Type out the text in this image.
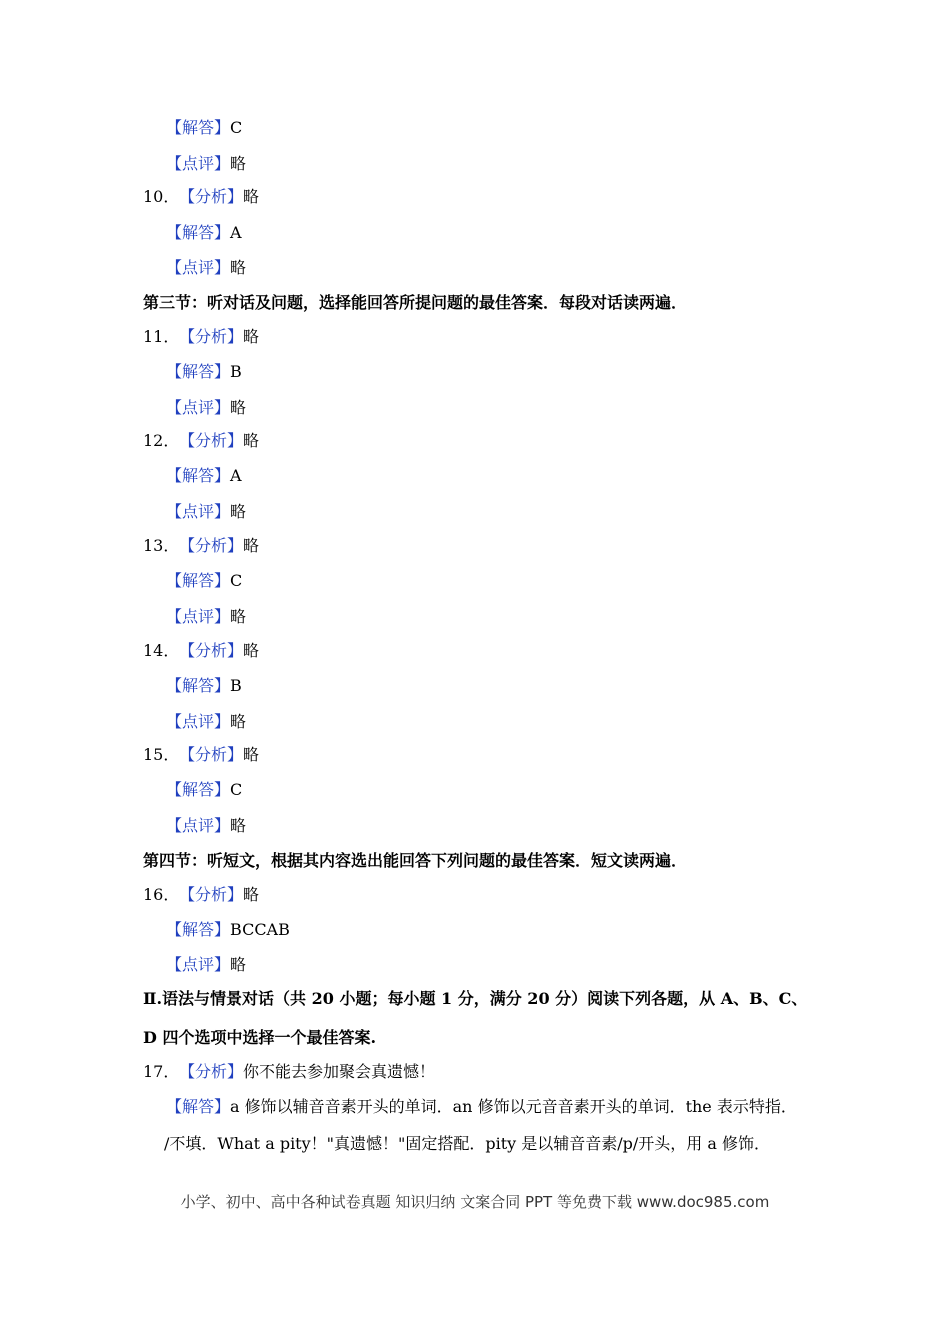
【解答】C
【点评】略
10．【分析】略
【解答】A
【点评】略
第三节：听对话及问题，选择能回答所提问题的最佳答案．每段对话读两遍．
11．【分析】略
【解答】B
【点评】略
12．【分析】略
【解答】A
【点评】略
13．【分析】略
【解答】C
【点评】略
14．【分析】略
【解答】B
【点评】略
15．【分析】略
【解答】C
【点评】略
第四节：听短文，根据其内容选出能回答下列问题的最佳答案．短文读两遍．
16．【分析】略
【解答】BCCAB
【点评】略
Ⅱ.语法与情景对话（共 20 小题；每小题 1 分，满分 20 分）阅读下列各题，从 A、B、C、
D 四个选项中选择一个最佳答案.
17．【分析】你不能去参加聚会真遗憾！
【解答】a 修饰以辅音音素开头的单词．an 修饰以元音音素开头的单词．the 表示特指．
/不填．What a pity！"真遗憾！"固定搭配．pity 是以辅音音素/p/开头，用 a 修饰．
小学、初中、高中各种试卷真题 知识归纳 文案合同 PPT 等免费下载 www.doc985.com
